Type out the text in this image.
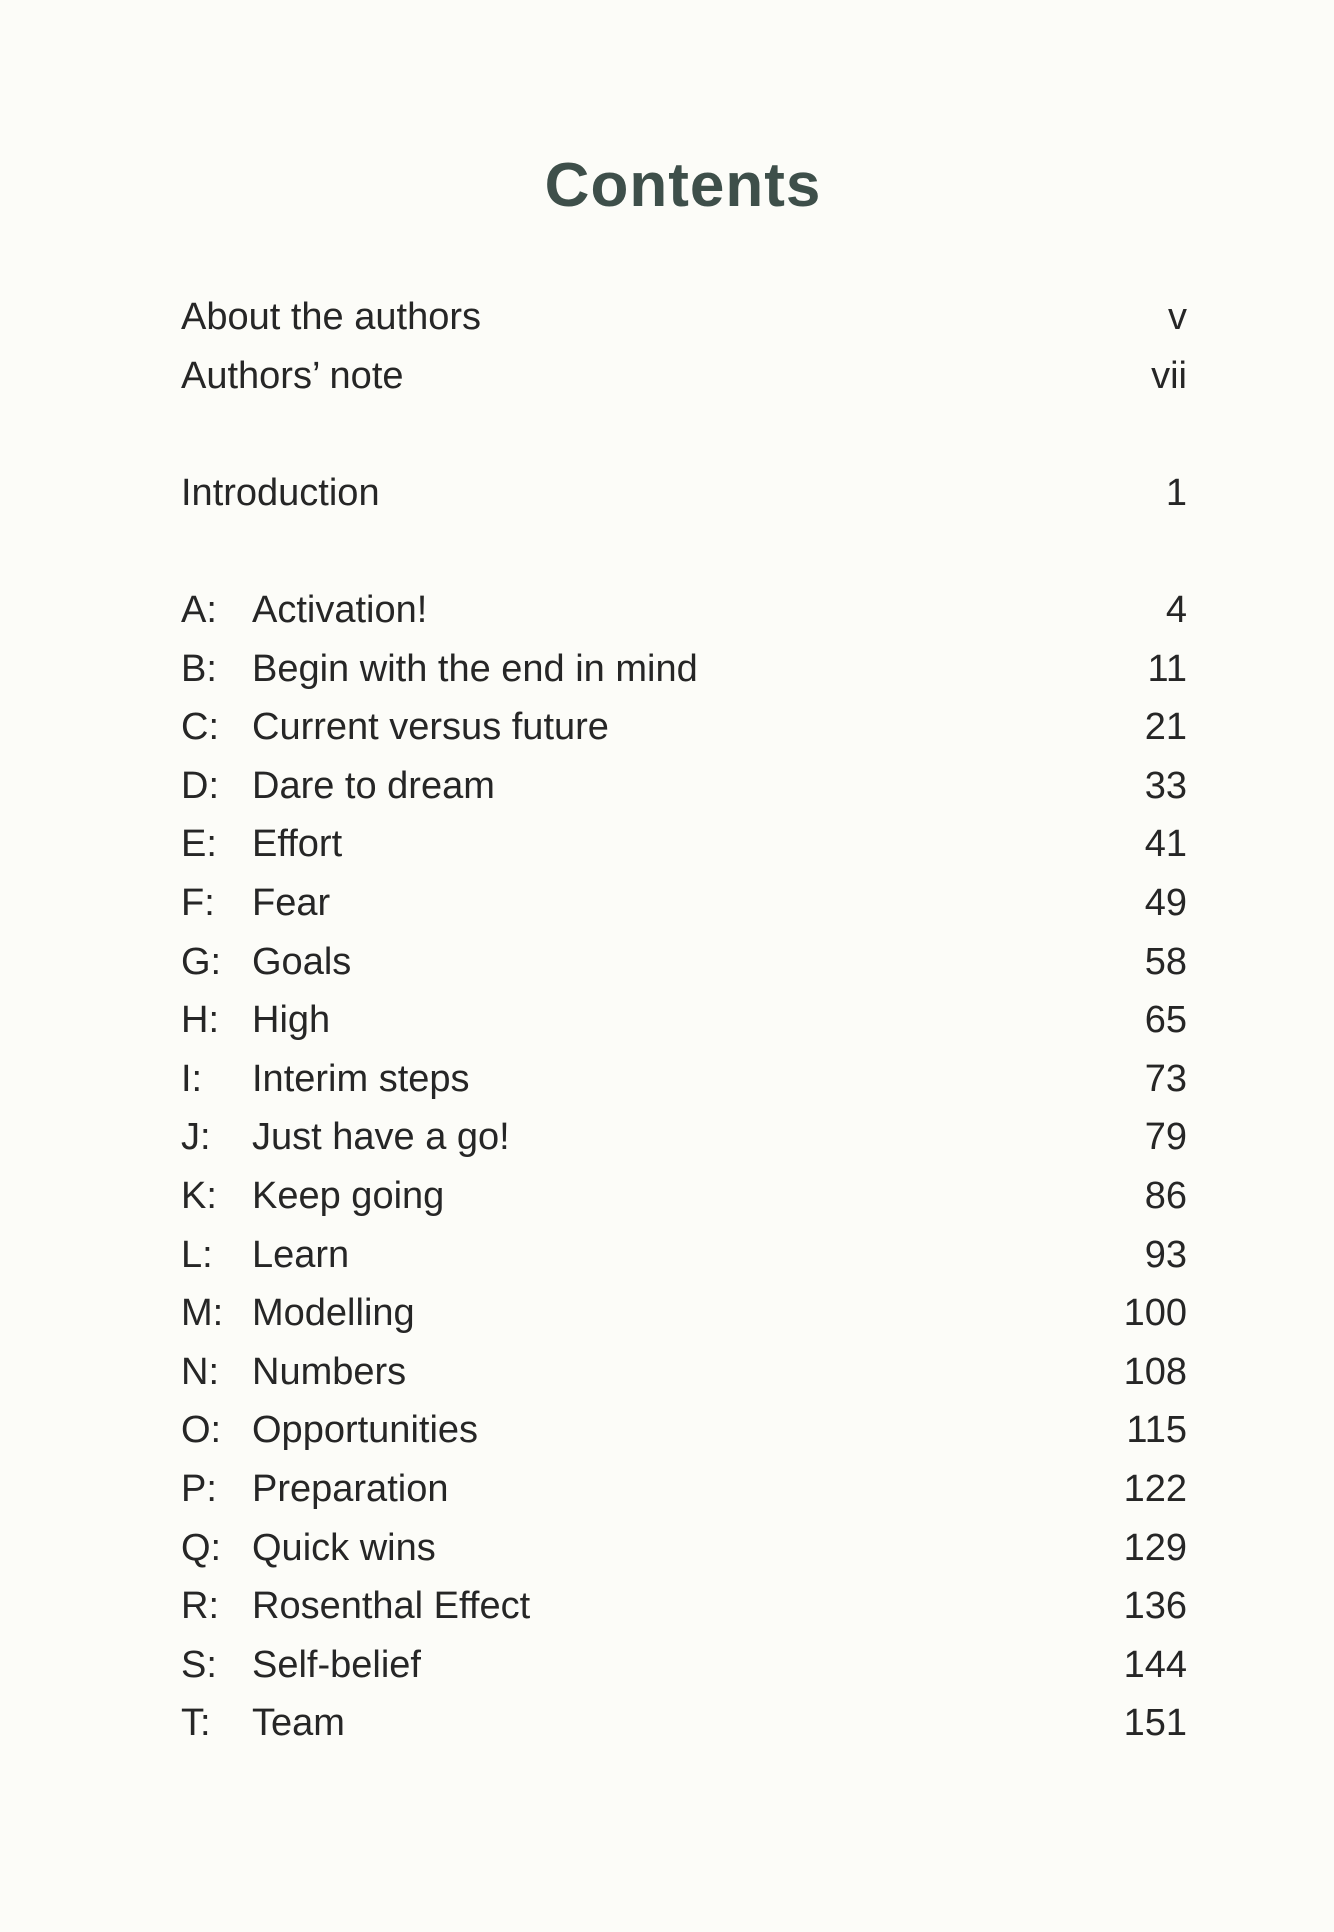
Contents
About the authors	v
Authors’ note	vii
Introduction	1
A: Activation!	4
B: Begin with the end in mind	11
C: Current versus future	21
D: Dare to dream	33
E: Effort	41
F: Fear	49
G: Goals	58
H: High	65
I: Interim steps	73
J: Just have a go!	79
K: Keep going	86
L: Learn	93
M: Modelling	100
N: Numbers	108
O: Opportunities	115
P: Preparation	122
Q: Quick wins	129
R: Rosenthal Effect	136
S: Self-belief	144
T: Team	151
